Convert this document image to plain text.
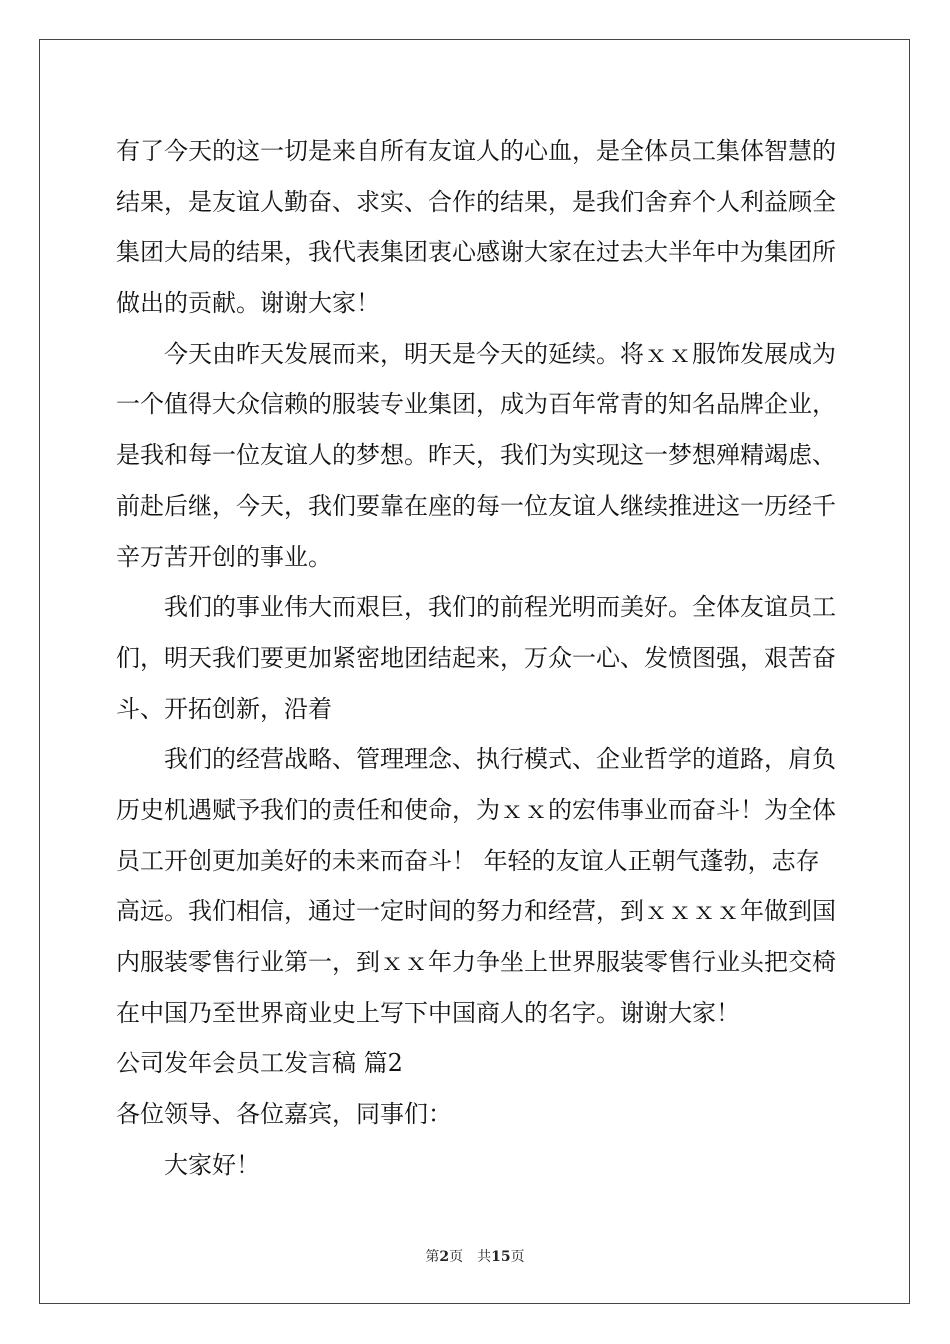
有了今天的这一切是来自所有友谊人的心血，是全体员工集体智慧的
结果，是友谊人勤奋、求实、合作的结果，是我们舍弃个人利益顾全
集团大局的结果，我代表集团衷心感谢大家在过去大半年中为集团所
做出的贡献。谢谢大家！
今天由昨天发展而来，明天是今天的延续。将ｘｘ服饰发展成为
一个值得大众信赖的服装专业集团，成为百年常青的知名品牌企业，
是我和每一位友谊人的梦想。昨天，我们为实现这一梦想殚精竭虑、
前赴后继，今天，我们要靠在座的每一位友谊人继续推进这一历经千
辛万苦开创的事业。
我们的事业伟大而艰巨，我们的前程光明而美好。全体友谊员工
们，明天我们要更加紧密地团结起来，万众一心、发愤图强，艰苦奋
斗、开拓创新，沿着
我们的经营战略、管理理念、执行模式、企业哲学的道路，肩负
历史机遇赋予我们的责任和使命，为ｘｘ的宏伟事业而奋斗！为全体
员工开创更加美好的未来而奋斗！ 年轻的友谊人正朝气蓬勃，志存
高远。我们相信，通过一定时间的努力和经营，到ｘｘｘｘ年做到国
内服装零售行业第一，到ｘｘ年力争坐上世界服装零售行业头把交椅
在中国乃至世界商业史上写下中国商人的名字。谢谢大家！
公司发年会员工发言稿 篇2
各位领导、各位嘉宾，同事们：
大家好！
第2页 共15页
